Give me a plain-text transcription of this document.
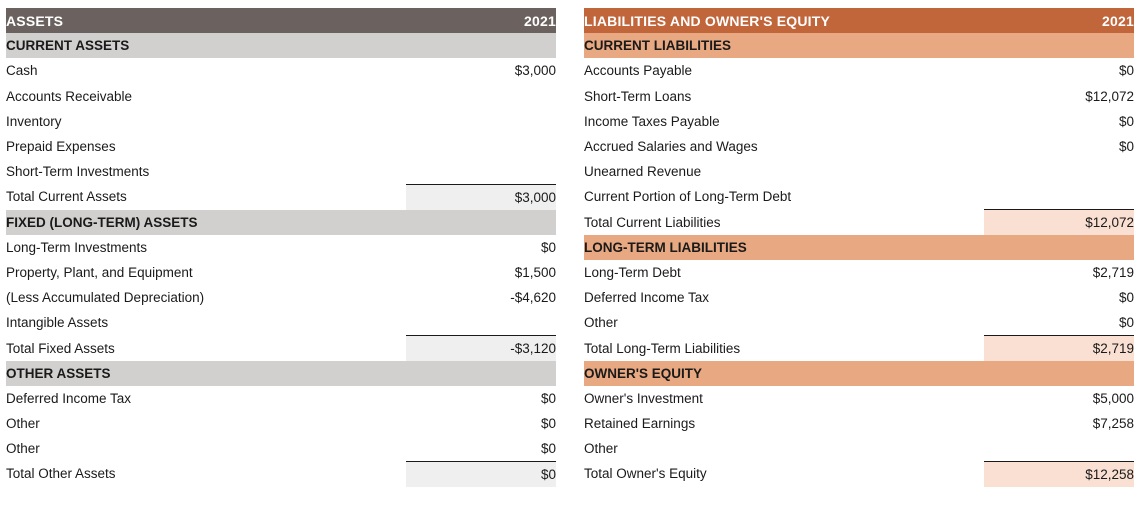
ASSETS	2021
CURRENT ASSETS	
Cash	$3,000
Accounts Receivable	
Inventory	
Prepaid Expenses	
Short-Term Investments	
Total Current Assets	$3,000
FIXED (LONG-TERM) ASSETS	
Long-Term Investments	$0
Property, Plant, and Equipment	$1,500
(Less Accumulated Depreciation)	-$4,620
Intangible Assets	
Total Fixed Assets	-$3,120
OTHER ASSETS	
Deferred Income Tax	$0
Other	$0
Other	$0
Total Other Assets	$0
LIABILITIES AND OWNER'S EQUITY	2021
CURRENT LIABILITIES	
Accounts Payable	$0
Short-Term Loans	$12,072
Income Taxes Payable	$0
Accrued Salaries and Wages	$0
Unearned Revenue	
Current Portion of Long-Term Debt	
Total Current Liabilities	$12,072
LONG-TERM LIABILITIES	
Long-Term Debt	$2,719
Deferred Income Tax	$0
Other	$0
Total Long-Term Liabilities	$2,719
OWNER'S EQUITY	
Owner's Investment	$5,000
Retained Earnings	$7,258
Other	
Total Owner's Equity	$12,258
